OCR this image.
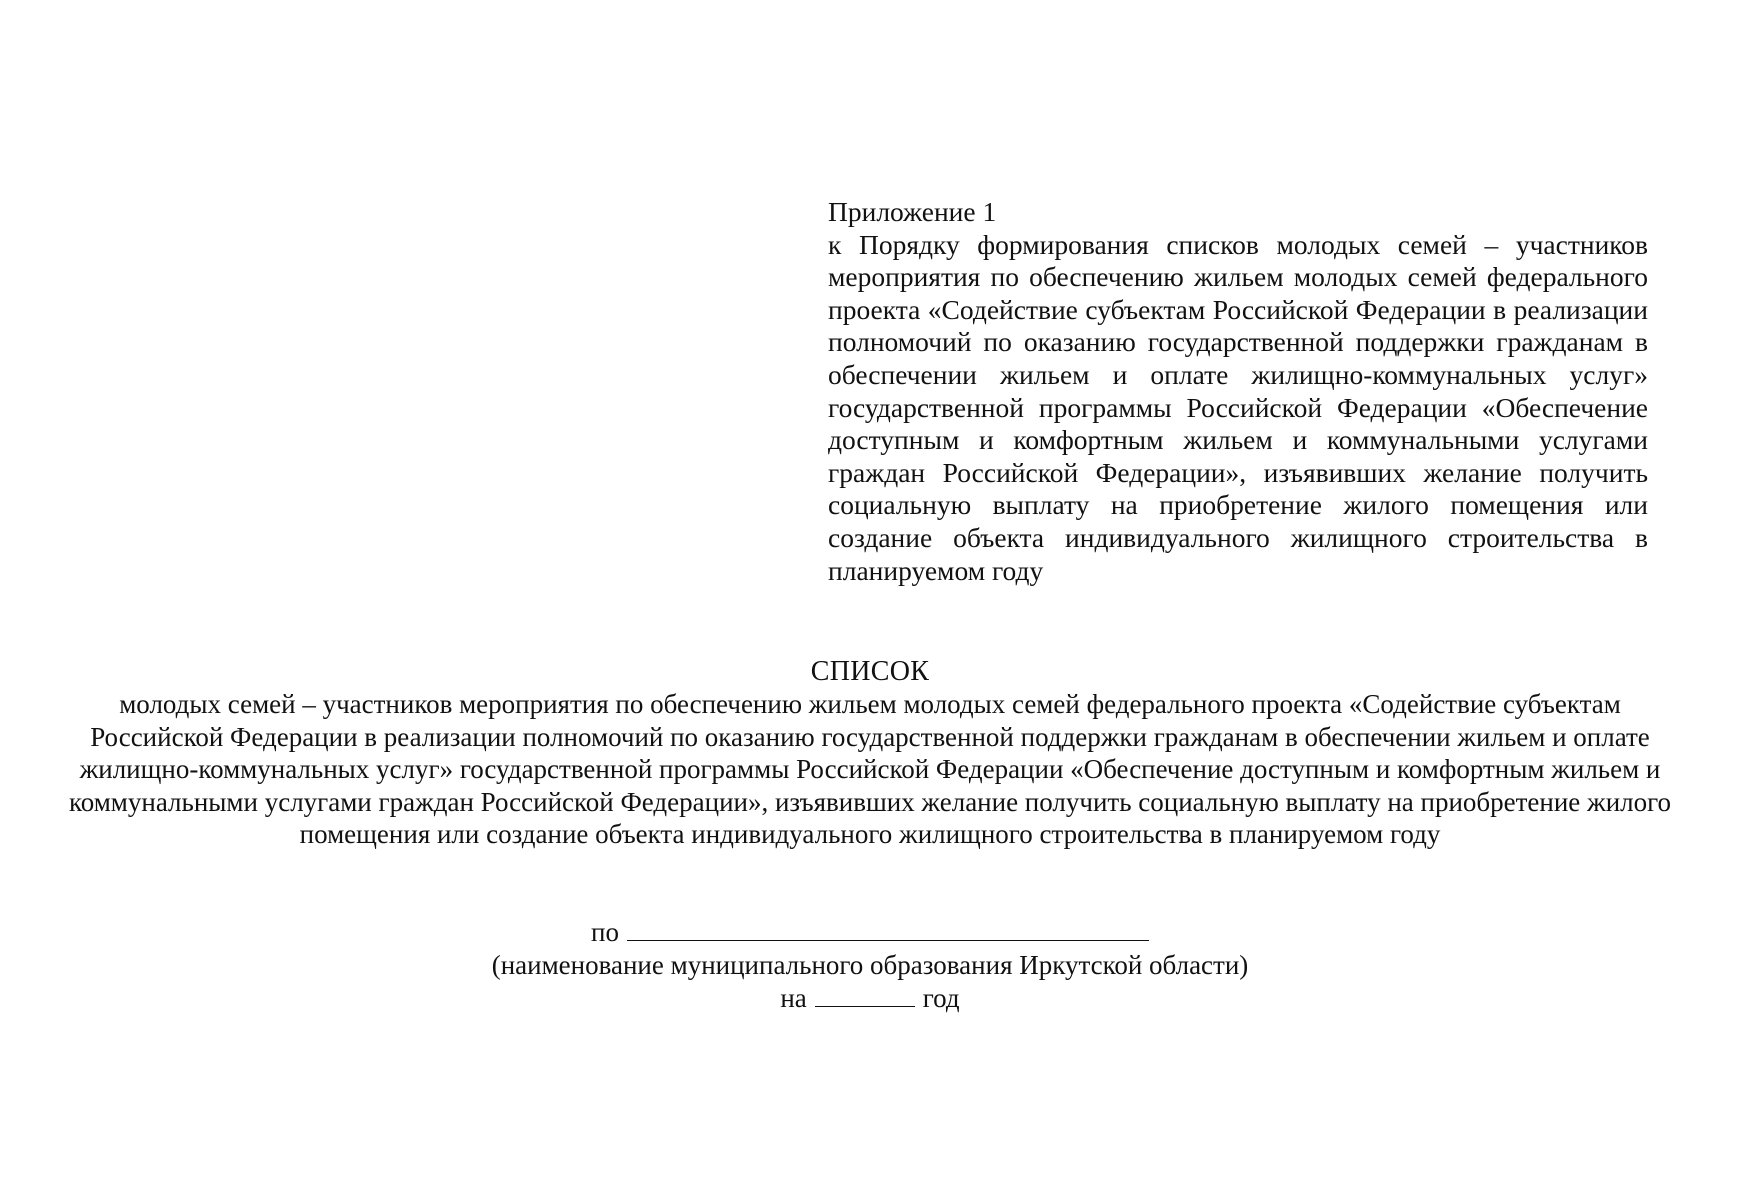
Приложение 1
к Порядку формирования списков молодых семей – участников мероприятия по обеспечению жильем молодых семей федерального проекта «Содействие субъектам Российской Федерации в реализации полномочий по оказанию государственной поддержки гражданам в обеспечении жильем и оплате жилищно-коммунальных услуг» государственной программы Российской Федерации «Обеспечение доступным и комфортным жильем и коммунальными услугами граждан Российской Федерации», изъявивших желание получить социальную выплату на приобретение жилого помещения или создание объекта индивидуального жилищного строительства в планируемом году
СПИСОК
молодых семей – участников мероприятия по обеспечению жильем молодых семей федерального проекта «Содействие субъектам Российской Федерации в реализации полномочий по оказанию государственной поддержки гражданам в обеспечении жильем и оплате жилищно-коммунальных услуг» государственной программы Российской Федерации «Обеспечение доступным и комфортным жильем и коммунальными услугами граждан Российской Федерации», изъявивших желание получить социальную выплату на приобретение жилого помещения или создание объекта индивидуального жилищного строительства в планируемом году
по
(наименование муниципального образования Иркутской области)
на	год
